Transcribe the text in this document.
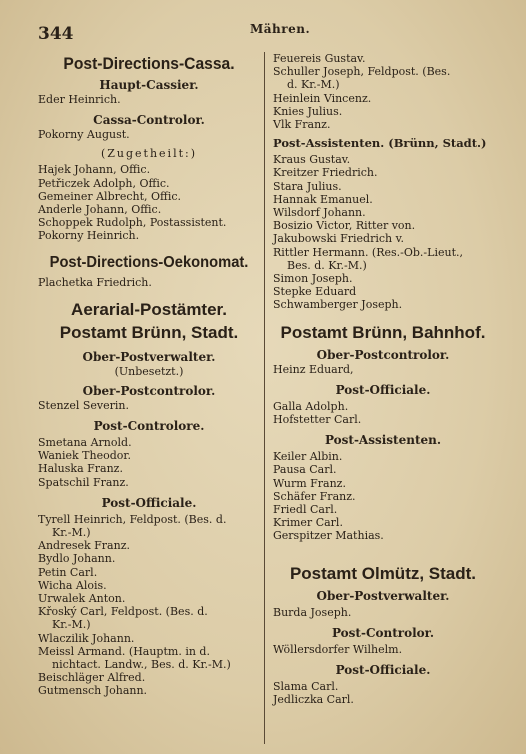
344	Mähren.
Post-Directions-Cassa.
Haupt-Cassier.
Eder Heinrich.
Cassa-Controlor.
Pokorny August.
(Zugetheilt:)
Hajek Johann, Offic.
Petřiczek Adolph, Offic.
Gemeiner Albrecht, Offic.
Anderle Johann, Offic.
Schoppek Rudolph, Postassistent.
Pokorny Heinrich.
Post-Directions-Oekonomat.
Plachetka Friedrich.
Aerarial-Postämter.
Postamt Brünn, Stadt.
Ober-Postverwalter.
(Unbesetzt.)
Ober-Postcontrolor.
Stenzel Severin.
Post-Controlore.
Smetana Arnold.
Waniek Theodor.
Haluska Franz.
Spatschil Franz.
Post-Officiale.
Tyrell Heinrich, Feldpost. (Bes. d.
Kr.-M.)
Andresek Franz.
Bydlo Johann.
Petin Carl.
Wicha Alois.
Urwalek Anton.
Křoský Carl, Feldpost. (Bes. d.
Kr.-M.)
Wlaczilik Johann.
Meissl Armand. (Hauptm. in d.
nichtact. Landw., Bes. d. Kr.-M.)
Beischläger Alfred.
Gutmensch Johann.
Feuereis Gustav.
Schuller Joseph, Feldpost. (Bes.
d. Kr.-M.)
Heinlein Vincenz.
Knies Julius.
Vlk Franz.
Post-Assistenten. (Brünn, Stadt.)
Kraus Gustav.
Kreitzer Friedrich.
Stara Julius.
Hannak Emanuel.
Wilsdorf Johann.
Bosizio Victor, Ritter von.
Jakubowski Friedrich v.
Rittler Hermann. (Res.-Ob.-Lieut.,
Bes. d. Kr.-M.)
Simon Joseph.
Stepke Eduard
Schwamberger Joseph.
Postamt Brünn, Bahnhof.
Ober-Postcontrolor.
Heinz Eduard,
Post-Officiale.
Galla Adolph.
Hofstetter Carl.
Post-Assistenten.
Keiler Albin.
Pausa Carl.
Wurm Franz.
Schäfer Franz.
Friedl Carl.
Krimer Carl.
Gerspitzer Mathias.
Postamt Olmütz, Stadt.
Ober-Postverwalter.
Burda Joseph.
Post-Controlor.
Wöllersdorfer Wilhelm.
Post-Officiale.
Slama Carl.
Jedliczka Carl.
